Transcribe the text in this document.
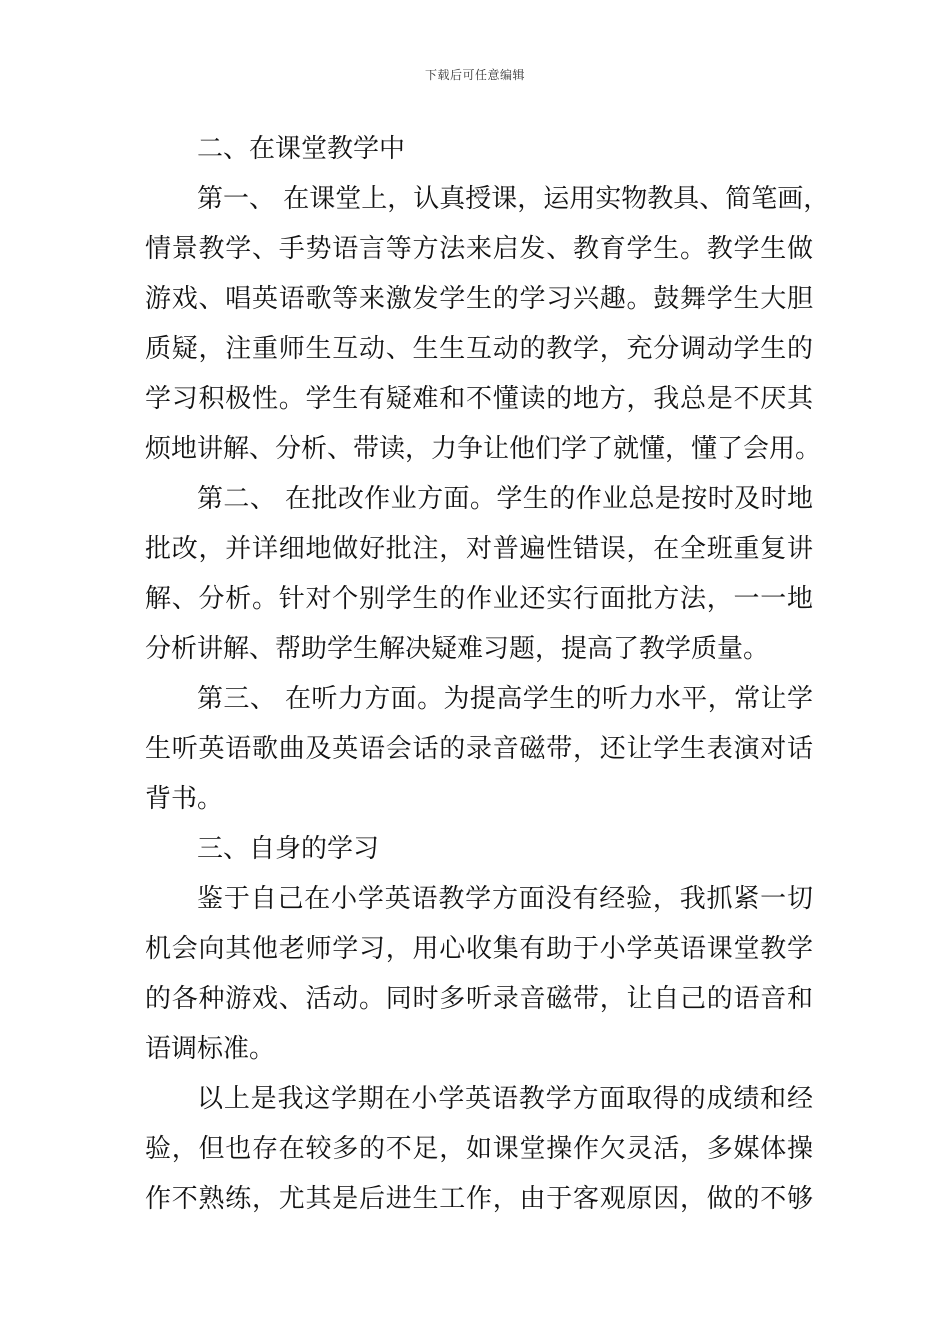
下载后可任意编辑
二、在课堂教学中
第一、 在课堂上，认真授课，运用实物教具、简笔画，
情景教学、手势语言等方法来启发、教育学生。教学生做
游戏、唱英语歌等来激发学生的学习兴趣。鼓舞学生大胆
质疑，注重师生互动、生生互动的教学，充分调动学生的
学习积极性。学生有疑难和不懂读的地方，我总是不厌其
烦地讲解、分析、带读，力争让他们学了就懂，懂了会用。
第二、 在批改作业方面。学生的作业总是按时及时地
批改，并详细地做好批注，对普遍性错误，在全班重复讲
解、分析。针对个别学生的作业还实行面批方法，一一地
分析讲解、帮助学生解决疑难习题，提高了教学质量。
第三、 在听力方面。为提高学生的听力水平，常让学
生听英语歌曲及英语会话的录音磁带，还让学生表演对话
背书。
三、自身的学习
鉴于自己在小学英语教学方面没有经验，我抓紧一切
机会向其他老师学习，用心收集有助于小学英语课堂教学
的各种游戏、活动。同时多听录音磁带，让自己的语音和
语调标准。
以上是我这学期在小学英语教学方面取得的成绩和经
验，但也存在较多的不足，如课堂操作欠灵活，多媒体操
作不熟练，尤其是后进生工作，由于客观原因，做的不够
